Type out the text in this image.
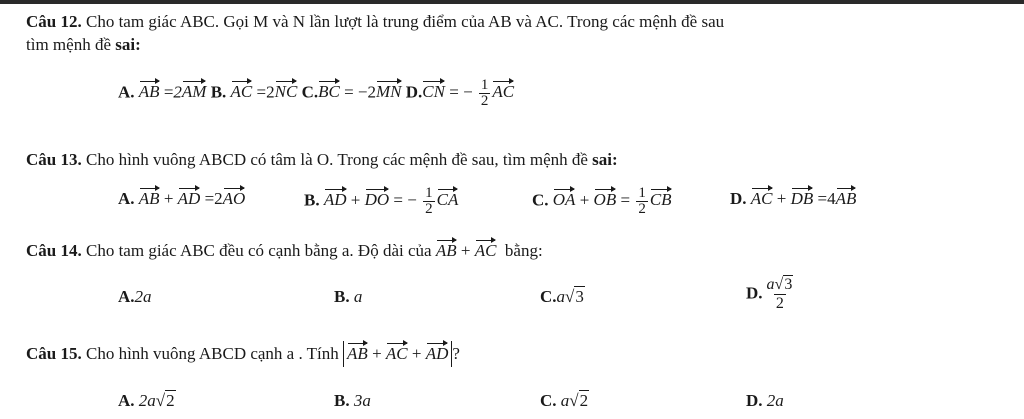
Câu 12. Cho tam giác ABC. Gọi M và N lần lượt là trung điểm của AB và AC. Trong các mệnh đề sau
tìm mệnh đề sai:
A. AB =2AM B. AC =2NC C.BC = −2MN D.CN = − $\frac{1}{2}$ AC
Câu 13. Cho hình vuông ABCD có tâm là O. Trong các mệnh đề sau, tìm mệnh đề sai:
A. AB + AD =2AO	B. AD + DO = − $\frac{1}{2}$ CA	C. OA + OB = $\frac{1}{2}$ CB	D. AC + DB =4AB
Câu 14. Cho tam giác ABC đều có cạnh bằng a. Độ dài của AB + AC bằng:
A.2a	B. a	C.a√3	D. $\frac{a√3}{2}$
Câu 15. Cho hình vuông ABCD cạnh a . Tính AB + AC + AD ?
A. 2a√2	B. 3a	C. a√2	D. 2a
